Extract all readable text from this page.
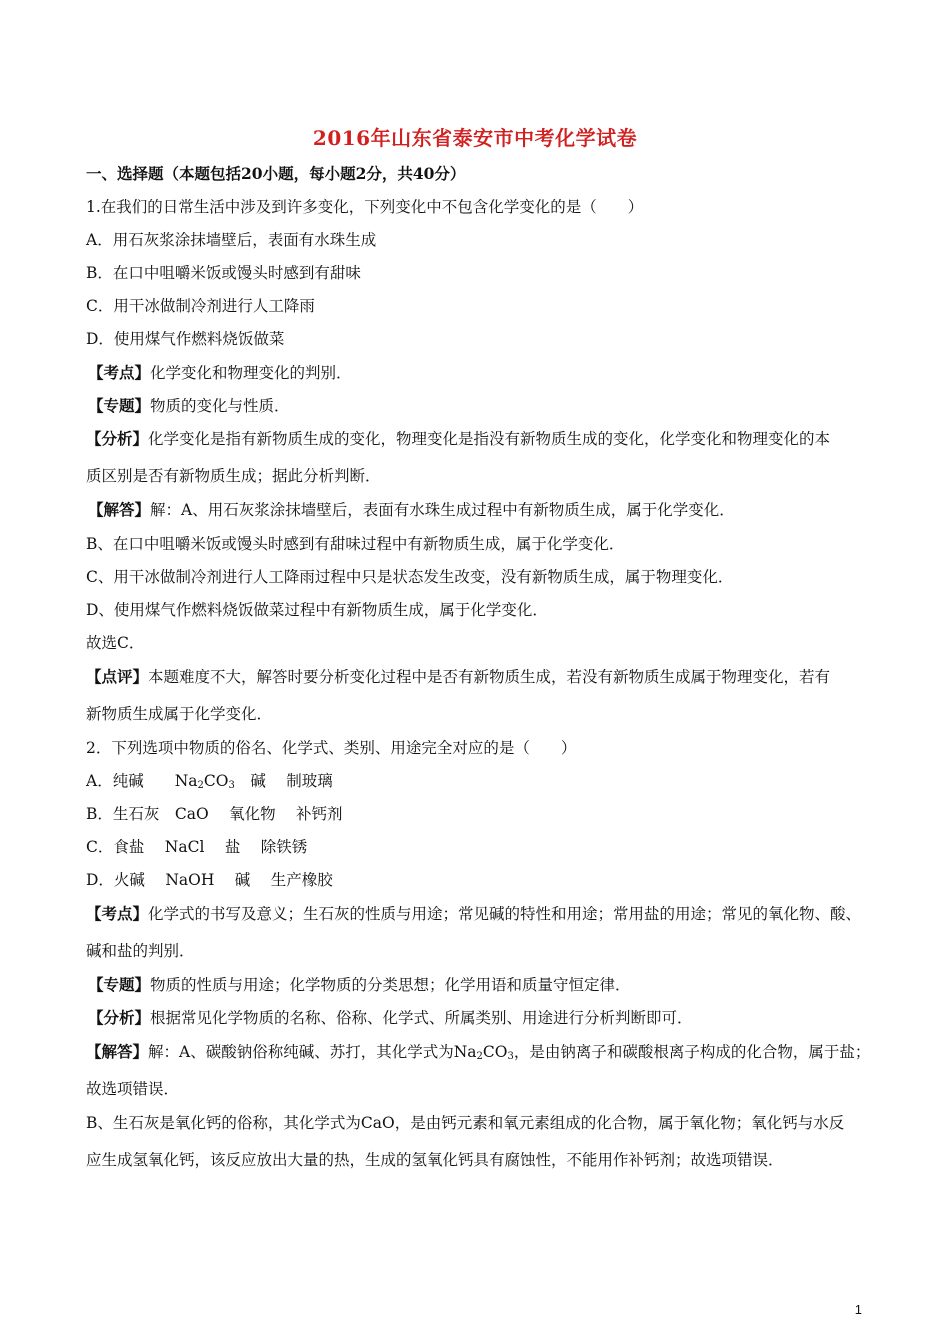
2016年山东省泰安市中考化学试卷
一、选择题（本题包括20小题，每小题2分，共40分）
1.在我们的日常生活中涉及到许多变化，下列变化中不包含化学变化的是（　　）
A．用石灰浆涂抹墙壁后，表面有水珠生成
B．在口中咀嚼米饭或馒头时感到有甜味
C．用干冰做制冷剂进行人工降雨
D．使用煤气作燃料烧饭做菜
【考点】化学变化和物理变化的判别．
【专题】物质的变化与性质．
【分析】化学变化是指有新物质生成的变化，物理变化是指没有新物质生成的变化，化学变化和物理变化的本
质区别是否有新物质生成；据此分析判断．
【解答】解：A、用石灰浆涂抹墙壁后，表面有水珠生成过程中有新物质生成，属于化学变化．
B、在口中咀嚼米饭或馒头时感到有甜味过程中有新物质生成，属于化学变化．
C、用干冰做制冷剂进行人工降雨过程中只是状态发生改变，没有新物质生成，属于物理变化．
D、使用煤气作燃料烧饭做菜过程中有新物质生成，属于化学变化．
故选C．
【点评】本题难度不大，解答时要分析变化过程中是否有新物质生成，若没有新物质生成属于物理变化，若有
新物质生成属于化学变化．
2．下列选项中物质的俗名、化学式、类别、用途完全对应的是（　　）
A．纯碱　　$Na_2CO_3$　碱　 制玻璃
B．生石灰　CaO　 氧化物　 补钙剂
C．食盐　 NaCl　 盐　 除铁锈
D．火碱　 NaOH　 碱　 生产橡胶
【考点】化学式的书写及意义；生石灰的性质与用途；常见碱的特性和用途；常用盐的用途；常见的氧化物、酸、
碱和盐的判别．
【专题】物质的性质与用途；化学物质的分类思想；化学用语和质量守恒定律．
【分析】根据常见化学物质的名称、俗称、化学式、所属类别、用途进行分析判断即可．
【解答】解：A、碳酸钠俗称纯碱、苏打，其化学式为$Na_2CO_3$，是由钠离子和碳酸根离子构成的化合物，属于盐；
故选项错误．
B、生石灰是氧化钙的俗称，其化学式为CaO，是由钙元素和氧元素组成的化合物，属于氧化物；氧化钙与水反
应生成氢氧化钙，该反应放出大量的热，生成的氢氧化钙具有腐蚀性，不能用作补钙剂；故选项错误．
1
